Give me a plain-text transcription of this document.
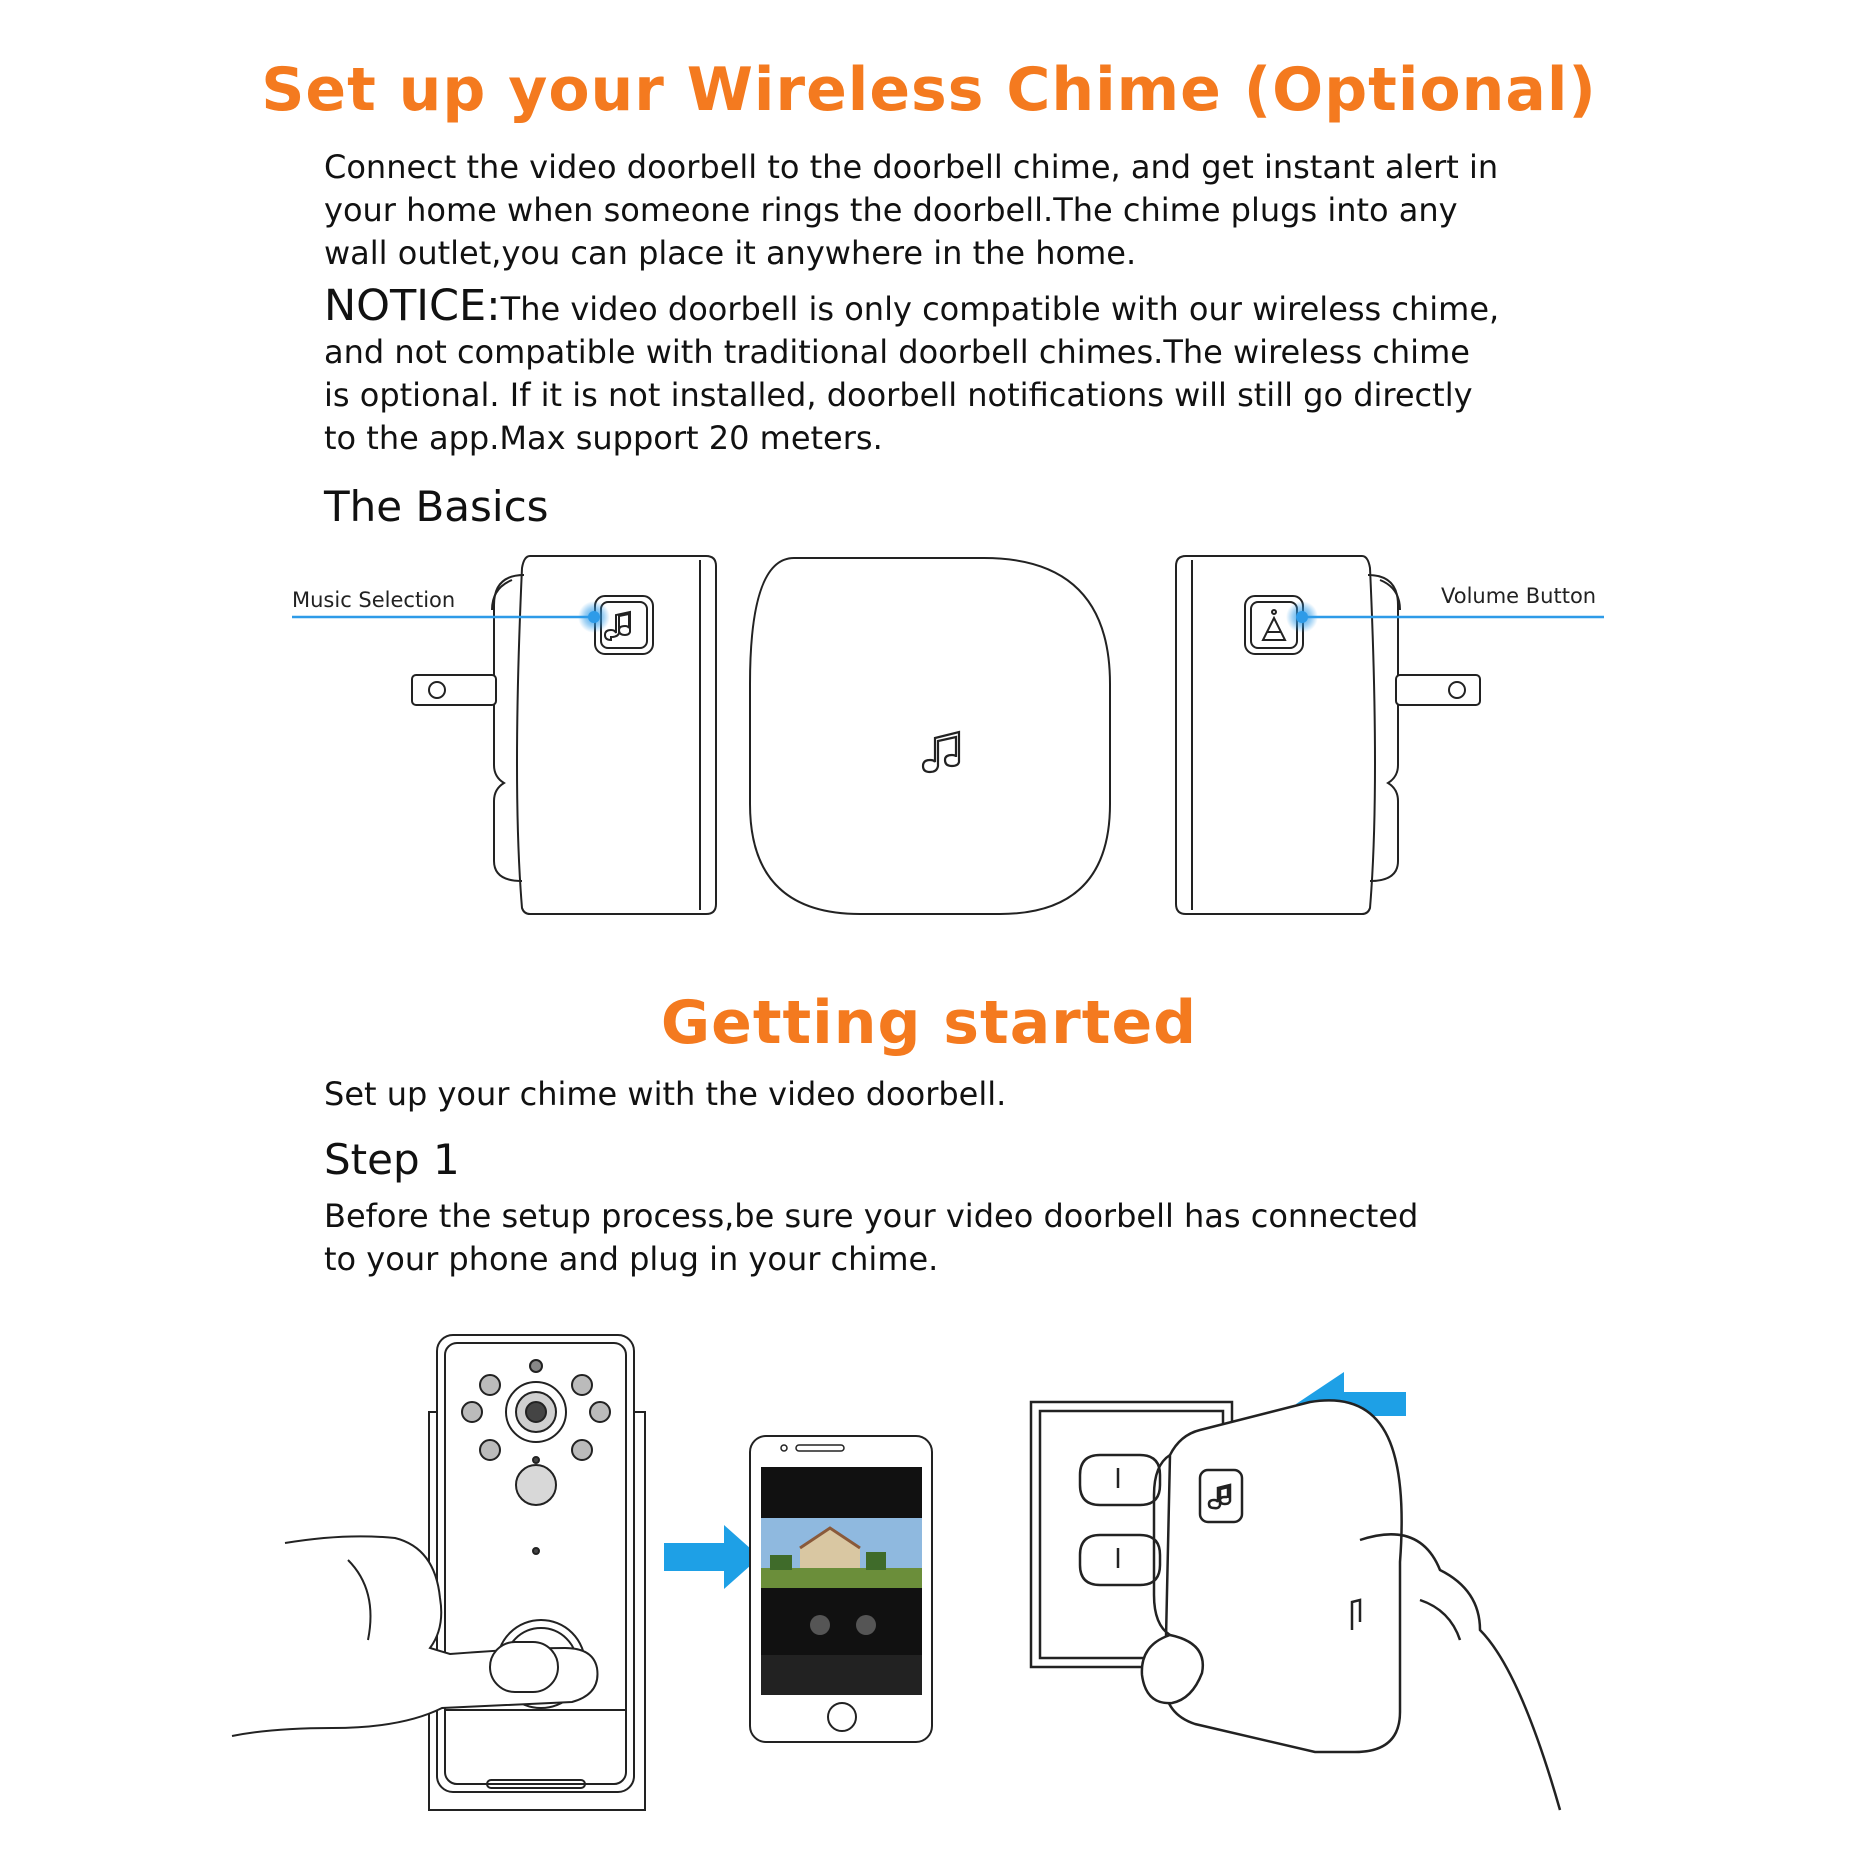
Set up your Wireless Chime (Optional)
Connect the video doorbell to the doorbell chime, and get instant alert in
your home when someone rings the doorbell.The chime plugs into any
wall outlet,you can place it anywhere in the home.
NOTICE:The video doorbell is only compatible with our wireless chime,
and not compatible with traditional doorbell chimes.The wireless chime
is optional. If it is not installed, doorbell notifications will still go directly
to the app.Max support 20 meters.
The Basics
Music Selection	Volume Button
Getting started
Set up your chime with the video doorbell.
Step 1
Before the setup process,be sure your video doorbell has connected
to your phone and plug in your chime.
